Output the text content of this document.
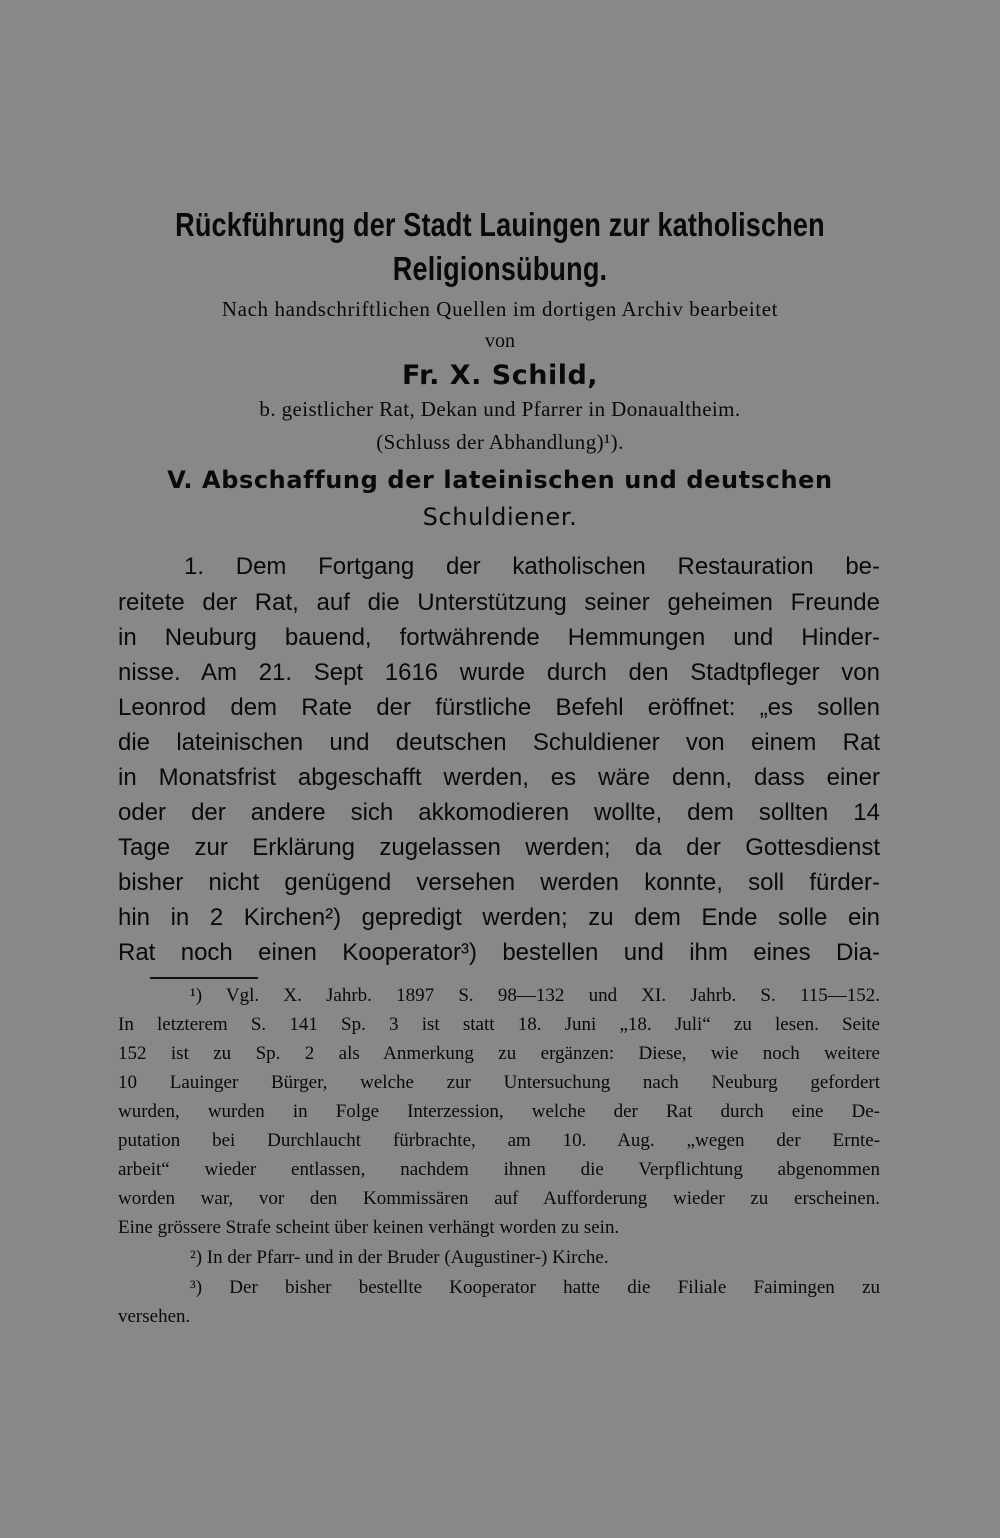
Rückführung der Stadt Lauingen zur katholischen
Religionsübung.
Nach handschriftlichen Quellen im dortigen Archiv bearbeitet
von
Fr. X. Schild,
b. geistlicher Rat, Dekan und Pfarrer in Donaualtheim.
(Schluss der Abhandlung)¹).
V. Abschaffung der lateinischen und deutschen
Schuldiener.
1. Dem Fortgang der katholischen Restauration be-
reitete der Rat, auf die Unterstützung seiner geheimen Freunde
in Neuburg bauend, fortwährende Hemmungen und Hinder-
nisse. Am 21. Sept 1616 wurde durch den Stadtpfleger von
Leonrod dem Rate der fürstliche Befehl eröffnet: „es sollen
die lateinischen und deutschen Schuldiener von einem Rat
in Monatsfrist abgeschafft werden, es wäre denn, dass einer
oder der andere sich akkomodieren wollte, dem sollten 14
Tage zur Erklärung zugelassen werden; da der Gottesdienst
bisher nicht genügend versehen werden konnte, soll fürder-
hin in 2 Kirchen²) gepredigt werden; zu dem Ende solle ein
Rat noch einen Kooperator³) bestellen und ihm eines Dia-
¹) Vgl. X. Jahrb. 1897 S. 98—132 und XI. Jahrb. S. 115—152.
In letzterem S. 141 Sp. 3 ist statt 18. Juni „18. Juli“ zu lesen. Seite
152 ist zu Sp. 2 als Anmerkung zu ergänzen: Diese, wie noch weitere
10 Lauinger Bürger, welche zur Untersuchung nach Neuburg gefordert
wurden, wurden in Folge Interzession, welche der Rat durch eine De-
putation bei Durchlaucht fürbrachte, am 10. Aug. „wegen der Ernte-
arbeit“ wieder entlassen, nachdem ihnen die Verpflichtung abgenommen
worden war, vor den Kommissären auf Aufforderung wieder zu erscheinen.
Eine grössere Strafe scheint über keinen verhängt worden zu sein.
²) In der Pfarr- und in der Bruder (Augustiner-) Kirche.
³) Der bisher bestellte Kooperator hatte die Filiale Faimingen zu
versehen.
